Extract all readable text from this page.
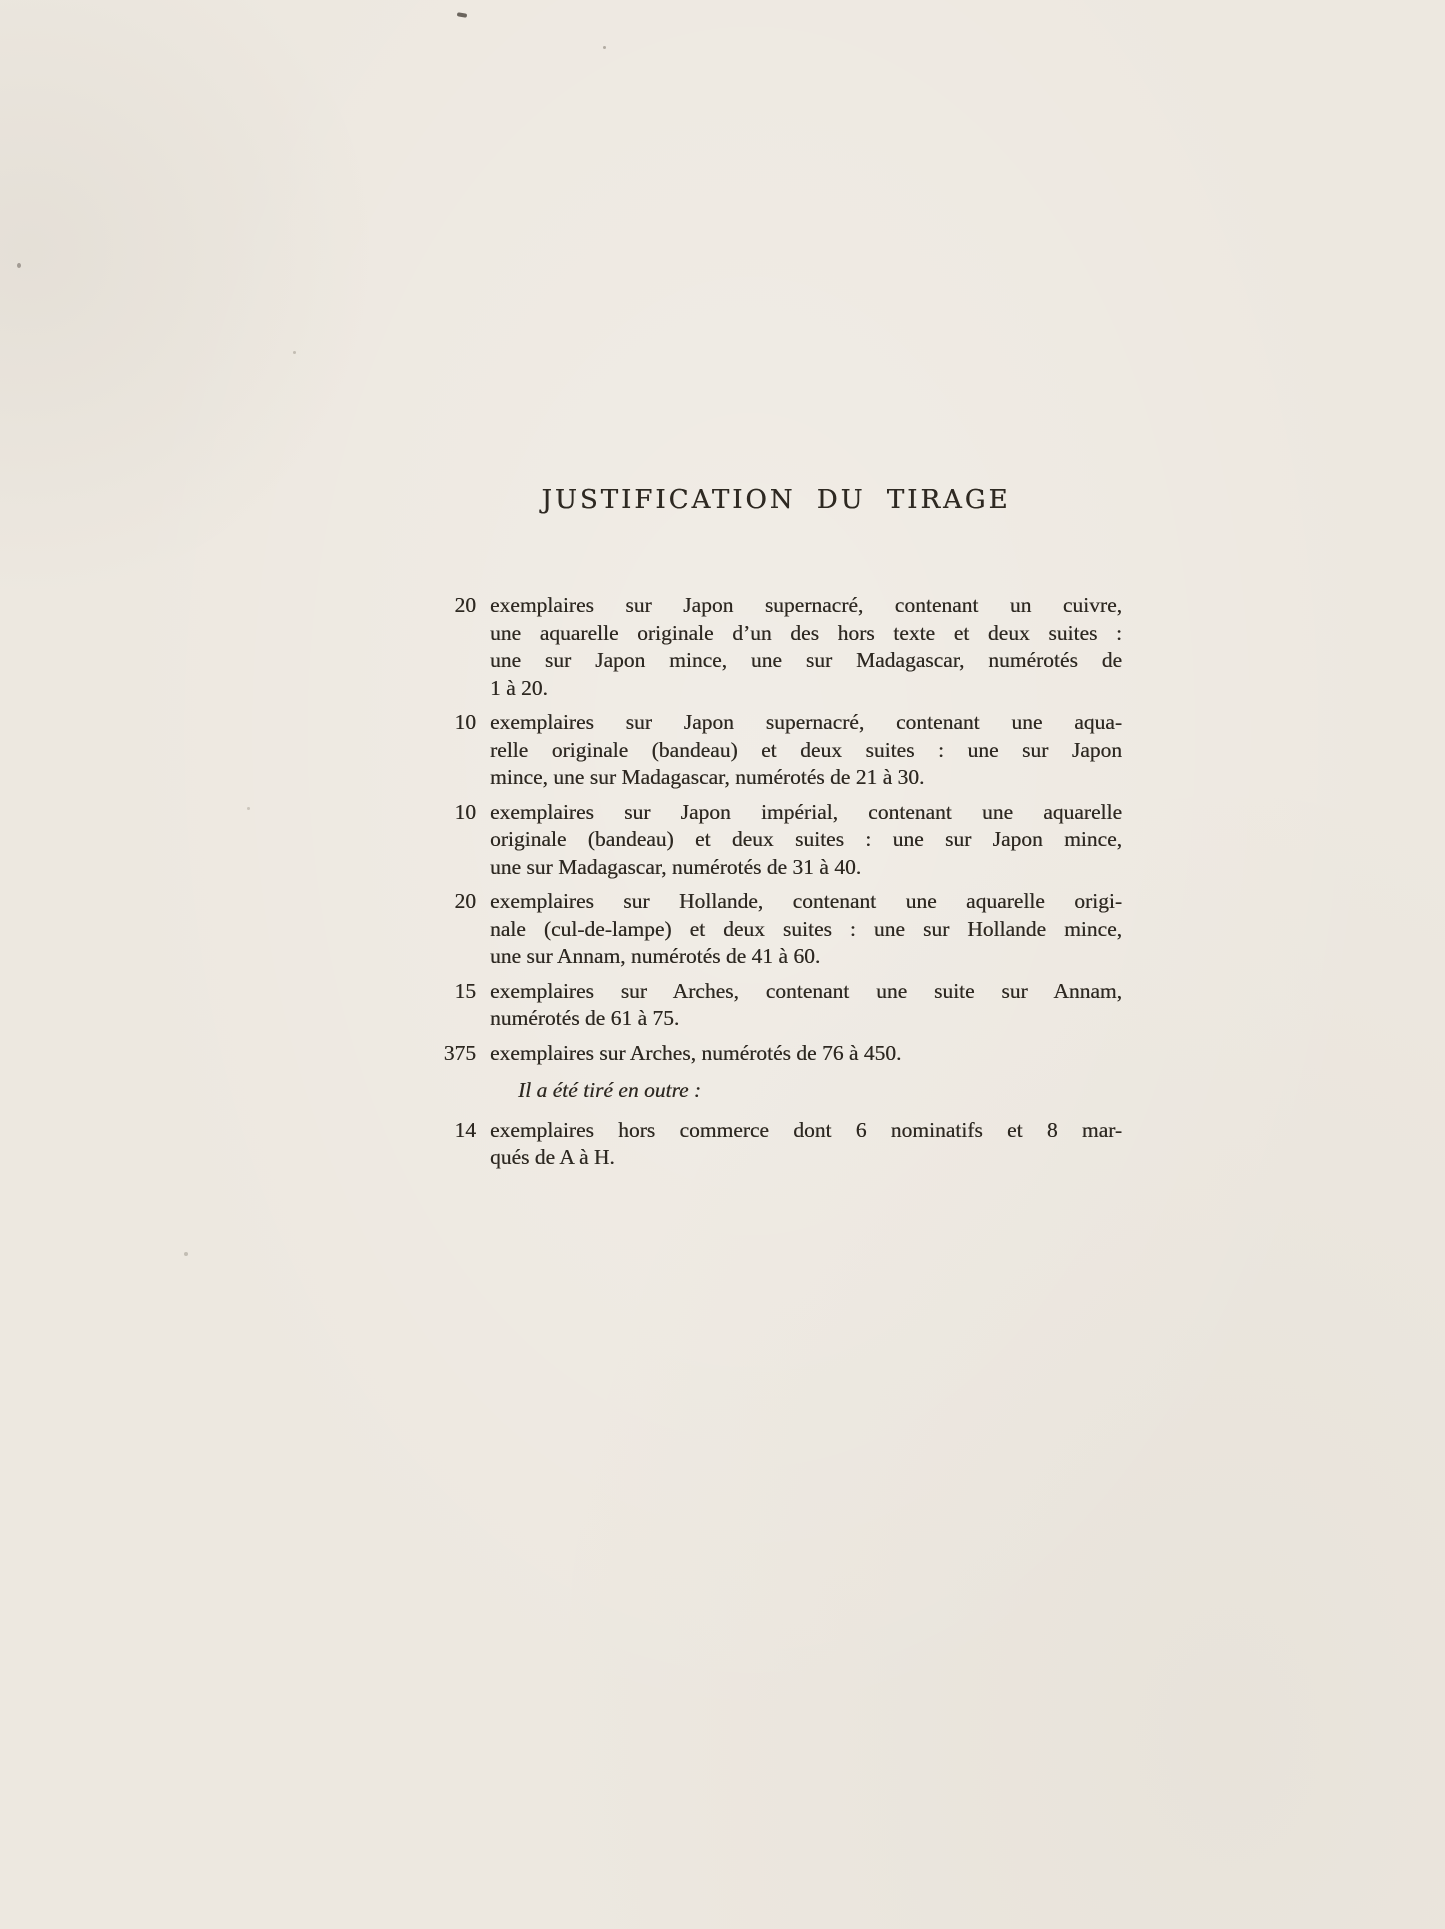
JUSTIFICATION DU TIRAGE
20 exemplaires sur Japon supernacré, contenant un cuivre,
une aquarelle originale d’un des hors texte et deux suites :
une sur Japon mince, une sur Madagascar, numérotés de
1 à 20.
10 exemplaires sur Japon supernacré, contenant une aqua-
relle originale (bandeau) et deux suites : une sur Japon
mince, une sur Madagascar, numérotés de 21 à 30.
10 exemplaires sur Japon impérial, contenant une aquarelle
originale (bandeau) et deux suites : une sur Japon mince,
une sur Madagascar, numérotés de 31 à 40.
20 exemplaires sur Hollande, contenant une aquarelle origi-
nale (cul-de-lampe) et deux suites : une sur Hollande mince,
une sur Annam, numérotés de 41 à 60.
15 exemplaires sur Arches, contenant une suite sur Annam,
numérotés de 61 à 75.
375 exemplaires sur Arches, numérotés de 76 à 450.
Il a été tiré en outre :
14 exemplaires hors commerce dont 6 nominatifs et 8 mar-
qués de A à H.
